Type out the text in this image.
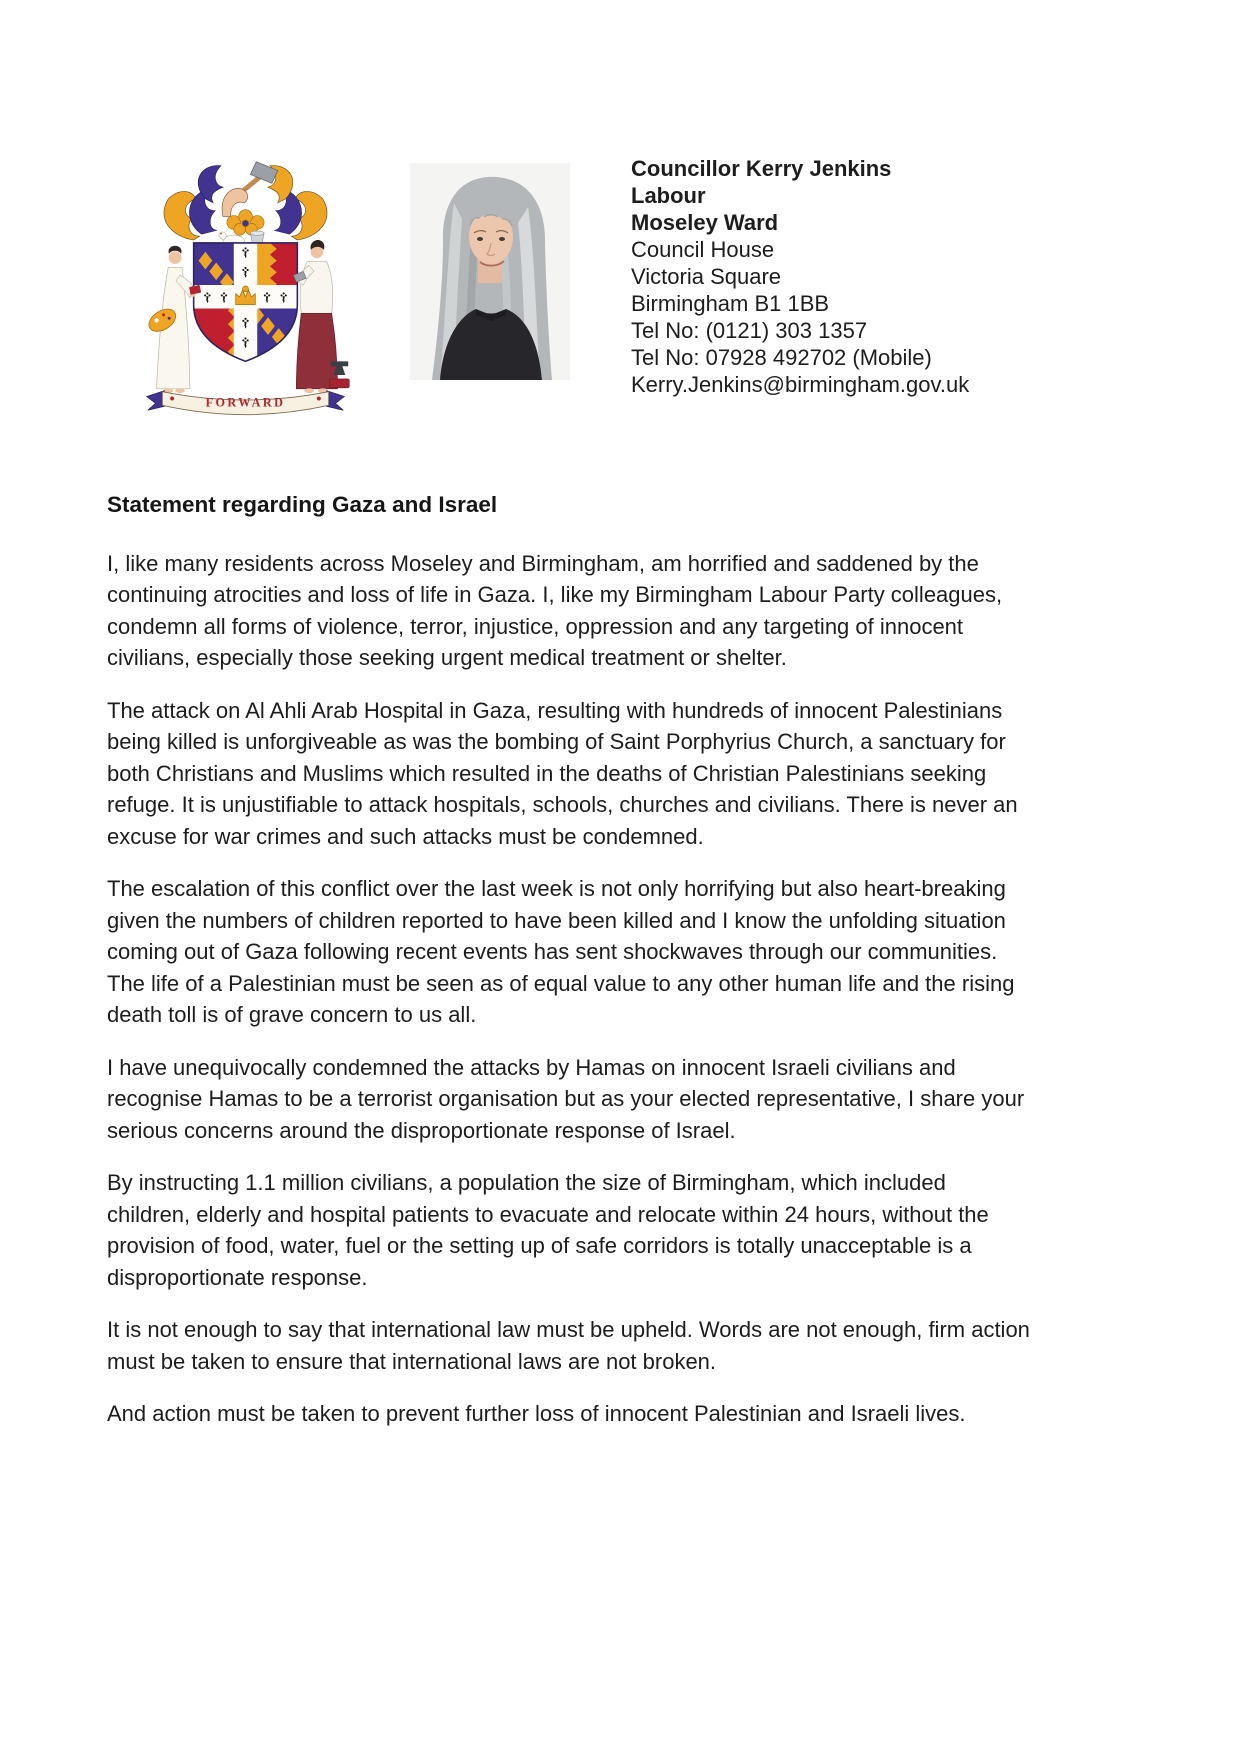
FORWARD
Councillor Kerry Jenkins
Labour
Moseley Ward
Council House
Victoria Square
Birmingham B1 1BB
Tel No: (0121) 303 1357
Tel No: 07928 492702 (Mobile)
Kerry.Jenkins@birmingham.gov.uk
Statement regarding Gaza and Israel

I, like many residents across Moseley and Birmingham, am horrified and saddened by the continuing atrocities and loss of life in Gaza. I, like my Birmingham Labour Party colleagues, condemn all forms of violence, terror, injustice, oppression and any targeting of innocent civilians, especially those seeking urgent medical treatment or shelter.

The attack on Al Ahli Arab Hospital in Gaza, resulting with hundreds of innocent Palestinians being killed is unforgiveable as was the bombing of Saint Porphyrius Church, a sanctuary for both Christians and Muslims which resulted in the deaths of Christian Palestinians seeking refuge. It is unjustifiable to attack hospitals, schools, churches and civilians. There is never an excuse for war crimes and such attacks must be condemned.

The escalation of this conflict over the last week is not only horrifying but also heart-breaking given the numbers of children reported to have been killed and I know the unfolding situation coming out of Gaza following recent events has sent shockwaves through our communities. The life of a Palestinian must be seen as of equal value to any other human life and the rising death toll is of grave concern to us all.

I have unequivocally condemned the attacks by Hamas on innocent Israeli civilians and recognise Hamas to be a terrorist organisation but as your elected representative, I share your serious concerns around the disproportionate response of Israel.

By instructing 1.1 million civilians, a population the size of Birmingham, which included children, elderly and hospital patients to evacuate and relocate within 24 hours, without the provision of food, water, fuel or the setting up of safe corridors is totally unacceptable is a disproportionate response.

It is not enough to say that international law must be upheld. Words are not enough, firm action must be taken to ensure that international laws are not broken.

And action must be taken to prevent further loss of innocent Palestinian and Israeli lives.
